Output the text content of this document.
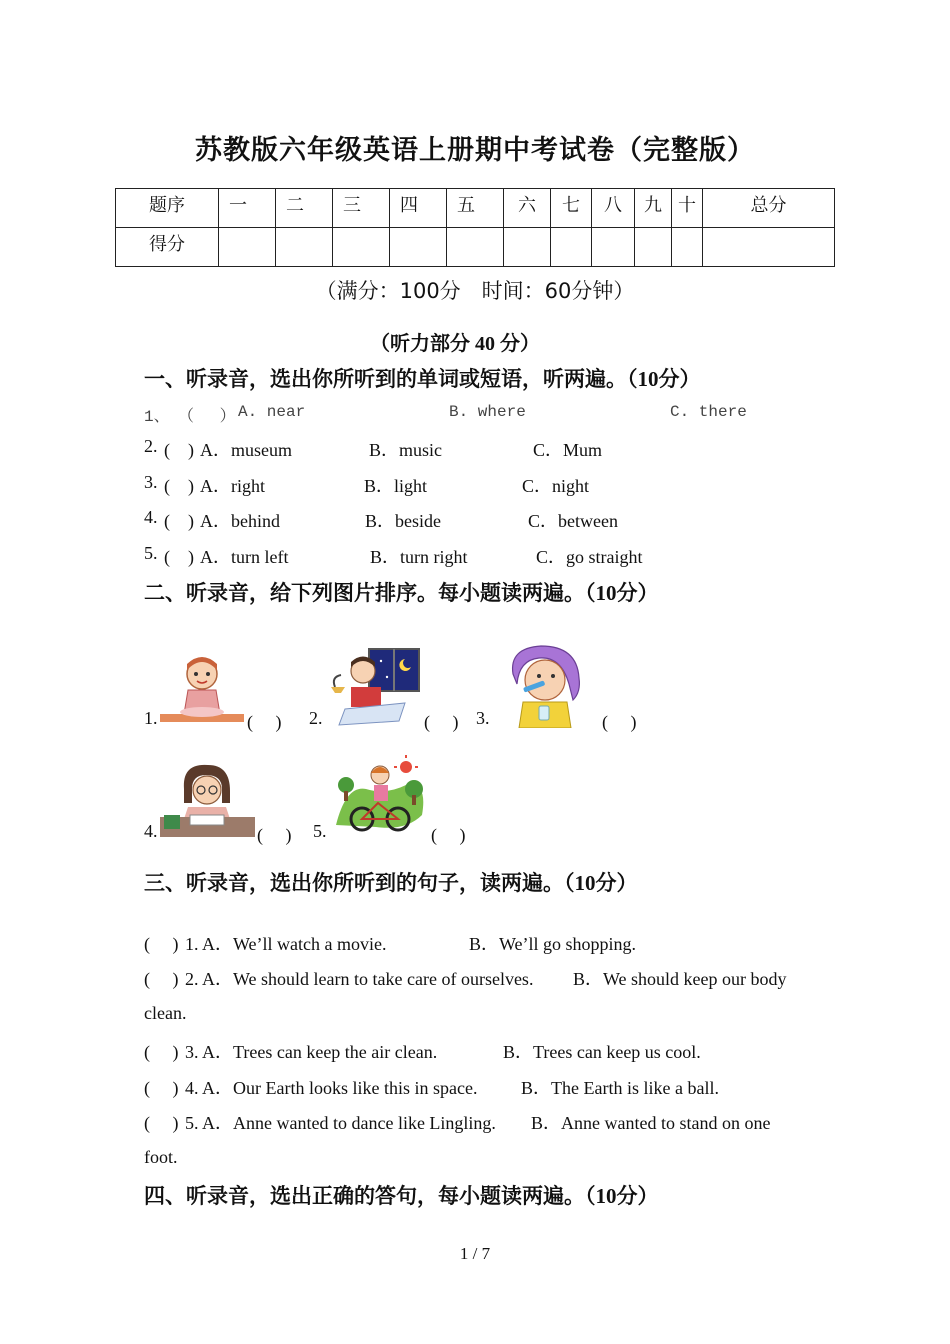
苏教版六年级英语上册期中考试卷（完整版）
题序	一	二	三	四	五	六	七	八	九	十	总分
得分											
（满分：100分　时间：60分钟）
（听力部分 40 分）
一、听录音，选出你所听到的单词或短语，听两遍。（10分）
1、 （　 ） A. near	B. where	C. there
2. (　) A．museum	B．music	C．Mum
3. (　) A．right	B．light	C．night
4. (　) A．behind	B．beside	C．between
5. (　) A．turn left	B．turn right	C．go straight
二、听录音，给下列图片排序。每小题读两遍。（10分）
1.	(　 ) 2.	(　 ) 3.	(　 )
4.	(　 ) 5.	(　 )
三、听录音，选出你所听到的句子，读两遍。（10分）
(　 ) 1. A．We’ll watch a movie.	B．We’ll go shopping.
(　 ) 2. A．We should learn to take care of ourselves. B．We should keep our body
clean.
(　 ) 3. A．Trees can keep the air clean.	B．Trees can keep us cool.
(　 ) 4. A．Our Earth looks like this in space. B．The Earth is like a ball.
(　 ) 5. A．Anne wanted to dance like Lingling. B．Anne wanted to stand on one
foot.
四、听录音，选出正确的答句，每小题读两遍。（10分）
1 / 7
